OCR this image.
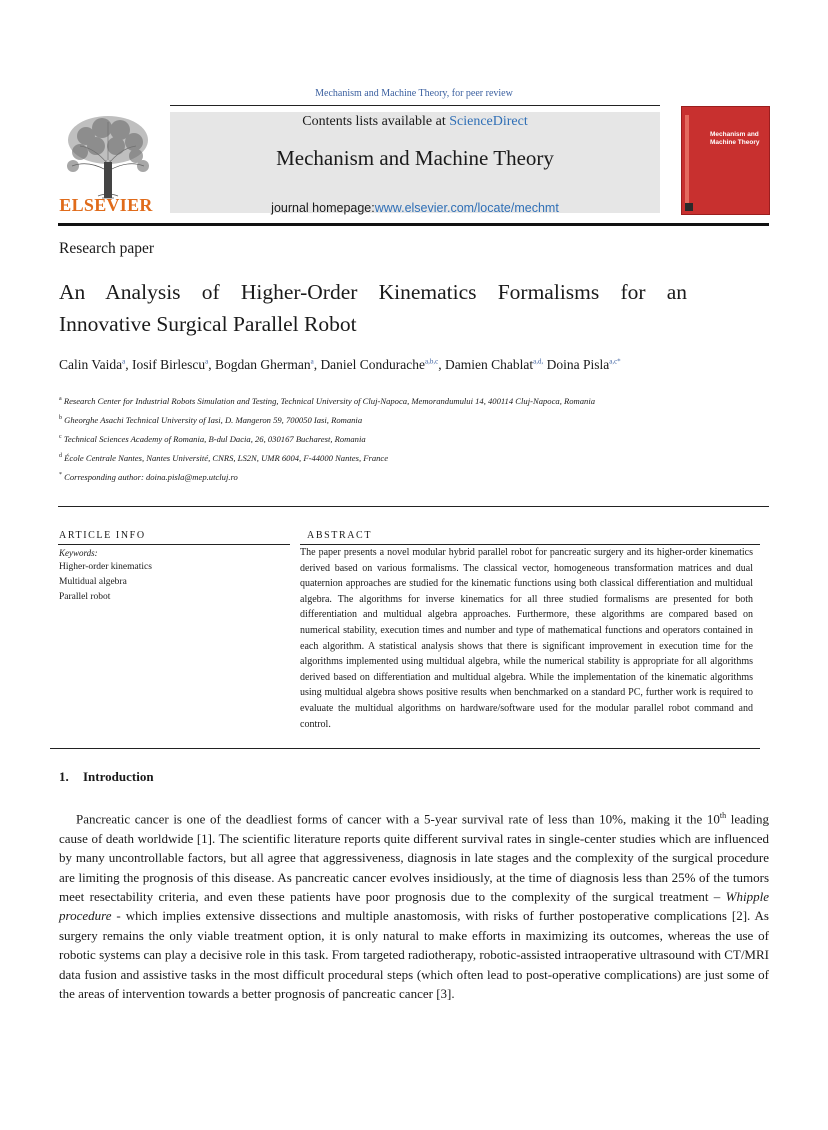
Mechanism and Machine Theory, for peer review
ELSEVIER
Contents lists available at ScienceDirect
Mechanism and Machine Theory
journal homepage:www.elsevier.com/locate/mechmt
Mechanism and Machine Theory
Research paper
An Analysis of Higher-Order Kinematics Formalisms for an
Innovative Surgical Parallel Robot
Calin Vaida$^a$, Iosif Birlescu$^a$, Bogdan Gherman$^a$, Daniel Condurache$^{a,b,c}$, Damien Chablat$^{a,d,}$ Doina Pisla$^{a,c*}$
$^a$ Research Center for Industrial Robots Simulation and Testing, Technical University of Cluj-Napoca, Memorandumului 14, 400114 Cluj-Napoca, Romania
$^b$ Gheorghe Asachi Technical University of Iasi, D. Mangeron 59, 700050 Iasi, Romania
$^c$ Technical Sciences Academy of Romania, B-dul Dacia, 26, 030167 Bucharest, Romania
$^d$ École Centrale Nantes, Nantes Université, CNRS, LS2N, UMR 6004, F-44000 Nantes, France
* Corresponding author: doina.pisla@mep.utcluj.ro
ARTICLE INFO
Keywords:
Higher-order kinematics
Multidual algebra
Parallel robot
ABSTRACT
The paper presents a novel modular hybrid parallel robot for pancreatic surgery and its higher-order kinematics derived based on various formalisms. The classical vector, homogeneous transformation matrices and dual quaternion approaches are studied for the kinematic functions using both classical differentiation and multidual algebra. The algorithms for inverse kinematics for all three studied formalisms are presented for both differentiation and multidual algebra approaches. Furthermore, these algorithms are compared based on numerical stability, execution times and number and type of mathematical functions and operators contained in each algorithm. A statistical analysis shows that there is significant improvement in execution time for the algorithms implemented using multidual algebra, while the numerical stability is appropriate for all algorithms derived based on differentiation and multidual algebra. While the implementation of the kinematic algorithms using multidual algebra shows positive results when benchmarked on a standard PC, further work is required to evaluate the multidual algorithms on hardware/software used for the modular parallel robot command and control.
1. Introduction
Pancreatic cancer is one of the deadliest forms of cancer with a 5-year survival rate of less than 10%, making it the 10th leading cause of death worldwide [1]. The scientific literature reports quite different survival rates in single-center studies which are influenced by many uncontrollable factors, but all agree that aggressiveness, diagnosis in late stages and the complexity of the surgical procedure are limiting the prognosis of this disease. As pancreatic cancer evolves insidiously, at the time of diagnosis less than 25% of the tumors meet resectability criteria, and even these patients have poor prognosis due to the complexity of the surgical treatment – Whipple procedure - which implies extensive dissections and multiple anastomosis, with risks of further postoperative complications [2]. As surgery remains the only viable treatment option, it is only natural to make efforts in maximizing its outcomes, whereas the use of robotic systems can play a decisive role in this task. From targeted radiotherapy, robotic-assisted intraoperative ultrasound with CT/MRI data fusion and assistive tasks in the most difficult procedural steps (which often lead to post-operative complications) are just some of the areas of intervention towards a better prognosis of pancreatic cancer [3].
